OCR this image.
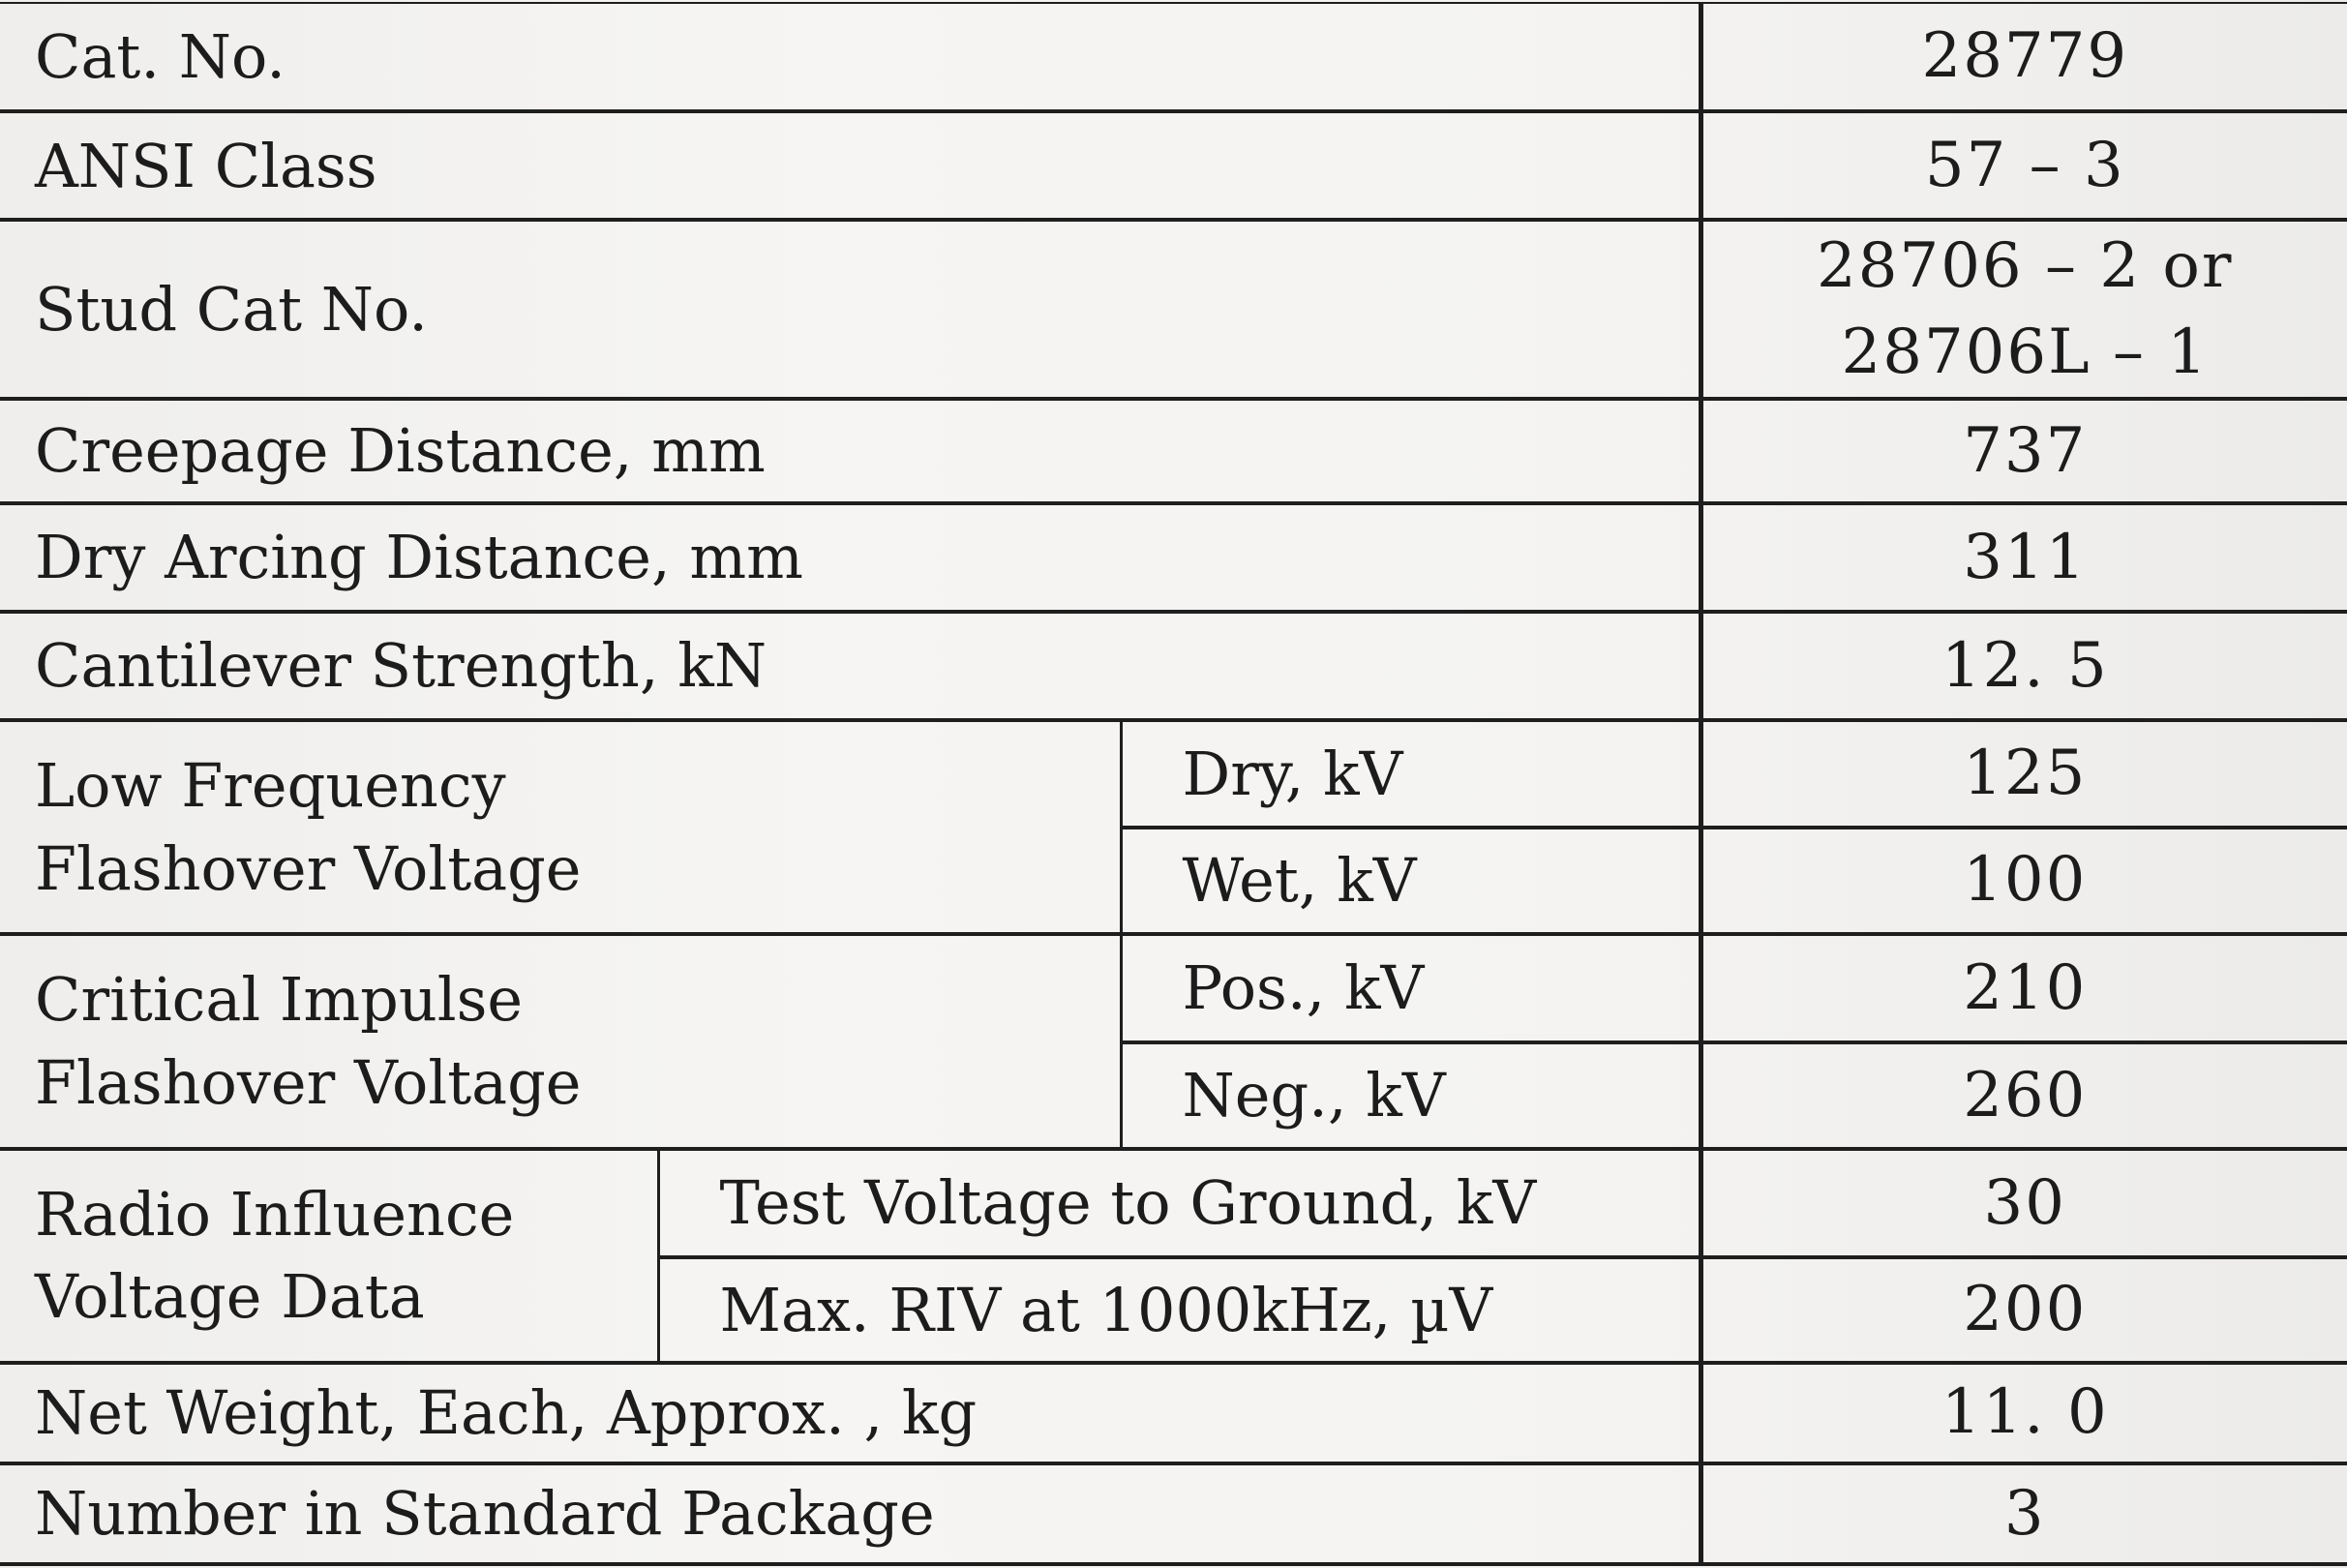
Cat. No.			28779
ANSI Class			57 – 3
Stud Cat No.			28706 – 2 or
28706L – 1

Creepage Distance, mm			737
Dry Arcing Distance, mm			311
Cantilever Strength, kN			12. 5

Low Frequency
Flashover Voltage		Dry, kV	125
		Wet, kV	100

Critical Impulse
Flashover Voltage		Pos., kV	210
		Neg., kV	260

Radio Influence
Voltage Data	Test Voltage to Ground, kV		30
	Max. RIV at 1000kHz, µV		200
Net Weight, Each, Approx. , kg			11. 0
Number in Standard Package			3
